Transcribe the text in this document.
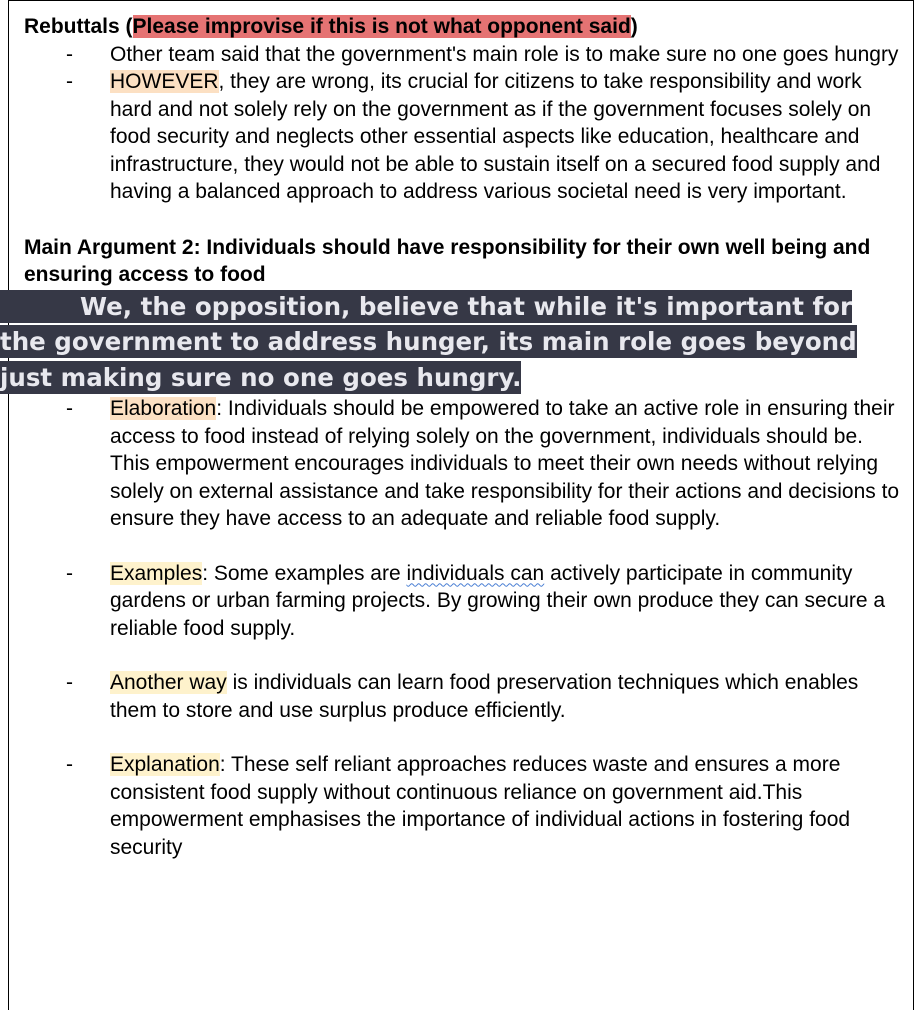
Rebuttals (Please improvise if this is not what opponent said)

- Other team said that the government's main role is to make sure no one goes hungry
- HOWEVER, they are wrong, its crucial for citizens to take responsibility and work hard and not solely rely on the government as if the government focuses solely on food security and neglects other essential aspects like education, healthcare and infrastructure, they would not be able to sustain itself on a secured food supply and having a balanced approach to address various societal need is very important.

Main Argument 2: Individuals should have responsibility for their own well being and ensuring access to food

We, the opposition, believe that while it's important for the government to address hunger, its main role goes beyond just making sure no one goes hungry.

- Elaboration: Individuals should be empowered to take an active role in ensuring their access to food instead of relying solely on the government, individuals should be. This empowerment encourages individuals to meet their own needs without relying solely on external assistance and take responsibility for their actions and decisions to ensure they have access to an adequate and reliable food supply.
- Examples: Some examples are individuals can actively participate in community gardens or urban farming projects. By growing their own produce they can secure a reliable food supply.
- Another way is individuals can learn food preservation techniques which enables them to store and use surplus produce efficiently.
- Explanation: These self reliant approaches reduces waste and ensures a more consistent food supply without continuous reliance on government aid.This empowerment emphasises the importance of individual actions in fostering food security
